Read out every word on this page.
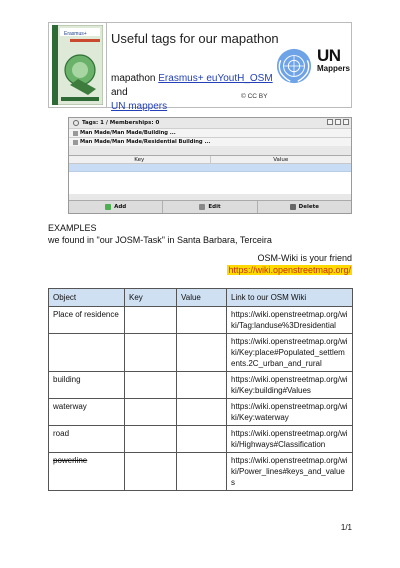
Erasmus+ Useful tags for our mapathon
mapathon Erasmus+ euYoutH_OSM and
UN mappers
© CC BY
UN
Mappers
Tags: 1 / Memberships: 0
Man Made/Man Made/Building ...
Man Made/Man Made/Residential Building ...
Key	Value
Add	Edit	Delete
EXAMPLES
we found in "our JOSM-Task" in Santa Barbara, Terceira
OSM-Wiki is your friend
https://wiki.openstreetmap.org/
Object	Key	Value	Link to our OSM Wiki
Place of residence			https://wiki.openstreetmap.org/wiki/Tag:landuse%3Dresidential
			https://wiki.openstreetmap.org/wiki/Key:place#Populated_settlements.2C_urban_and_rural
building			https://wiki.openstreetmap.org/wiki/Key:building#Values
waterway			https://wiki.openstreetmap.org/wiki/Key:waterway
road			https://wiki.openstreetmap.org/wiki/Highways#Classification
powerline			https://wiki.openstreetmap.org/wiki/Power_lines#keys_and_values
1/1
